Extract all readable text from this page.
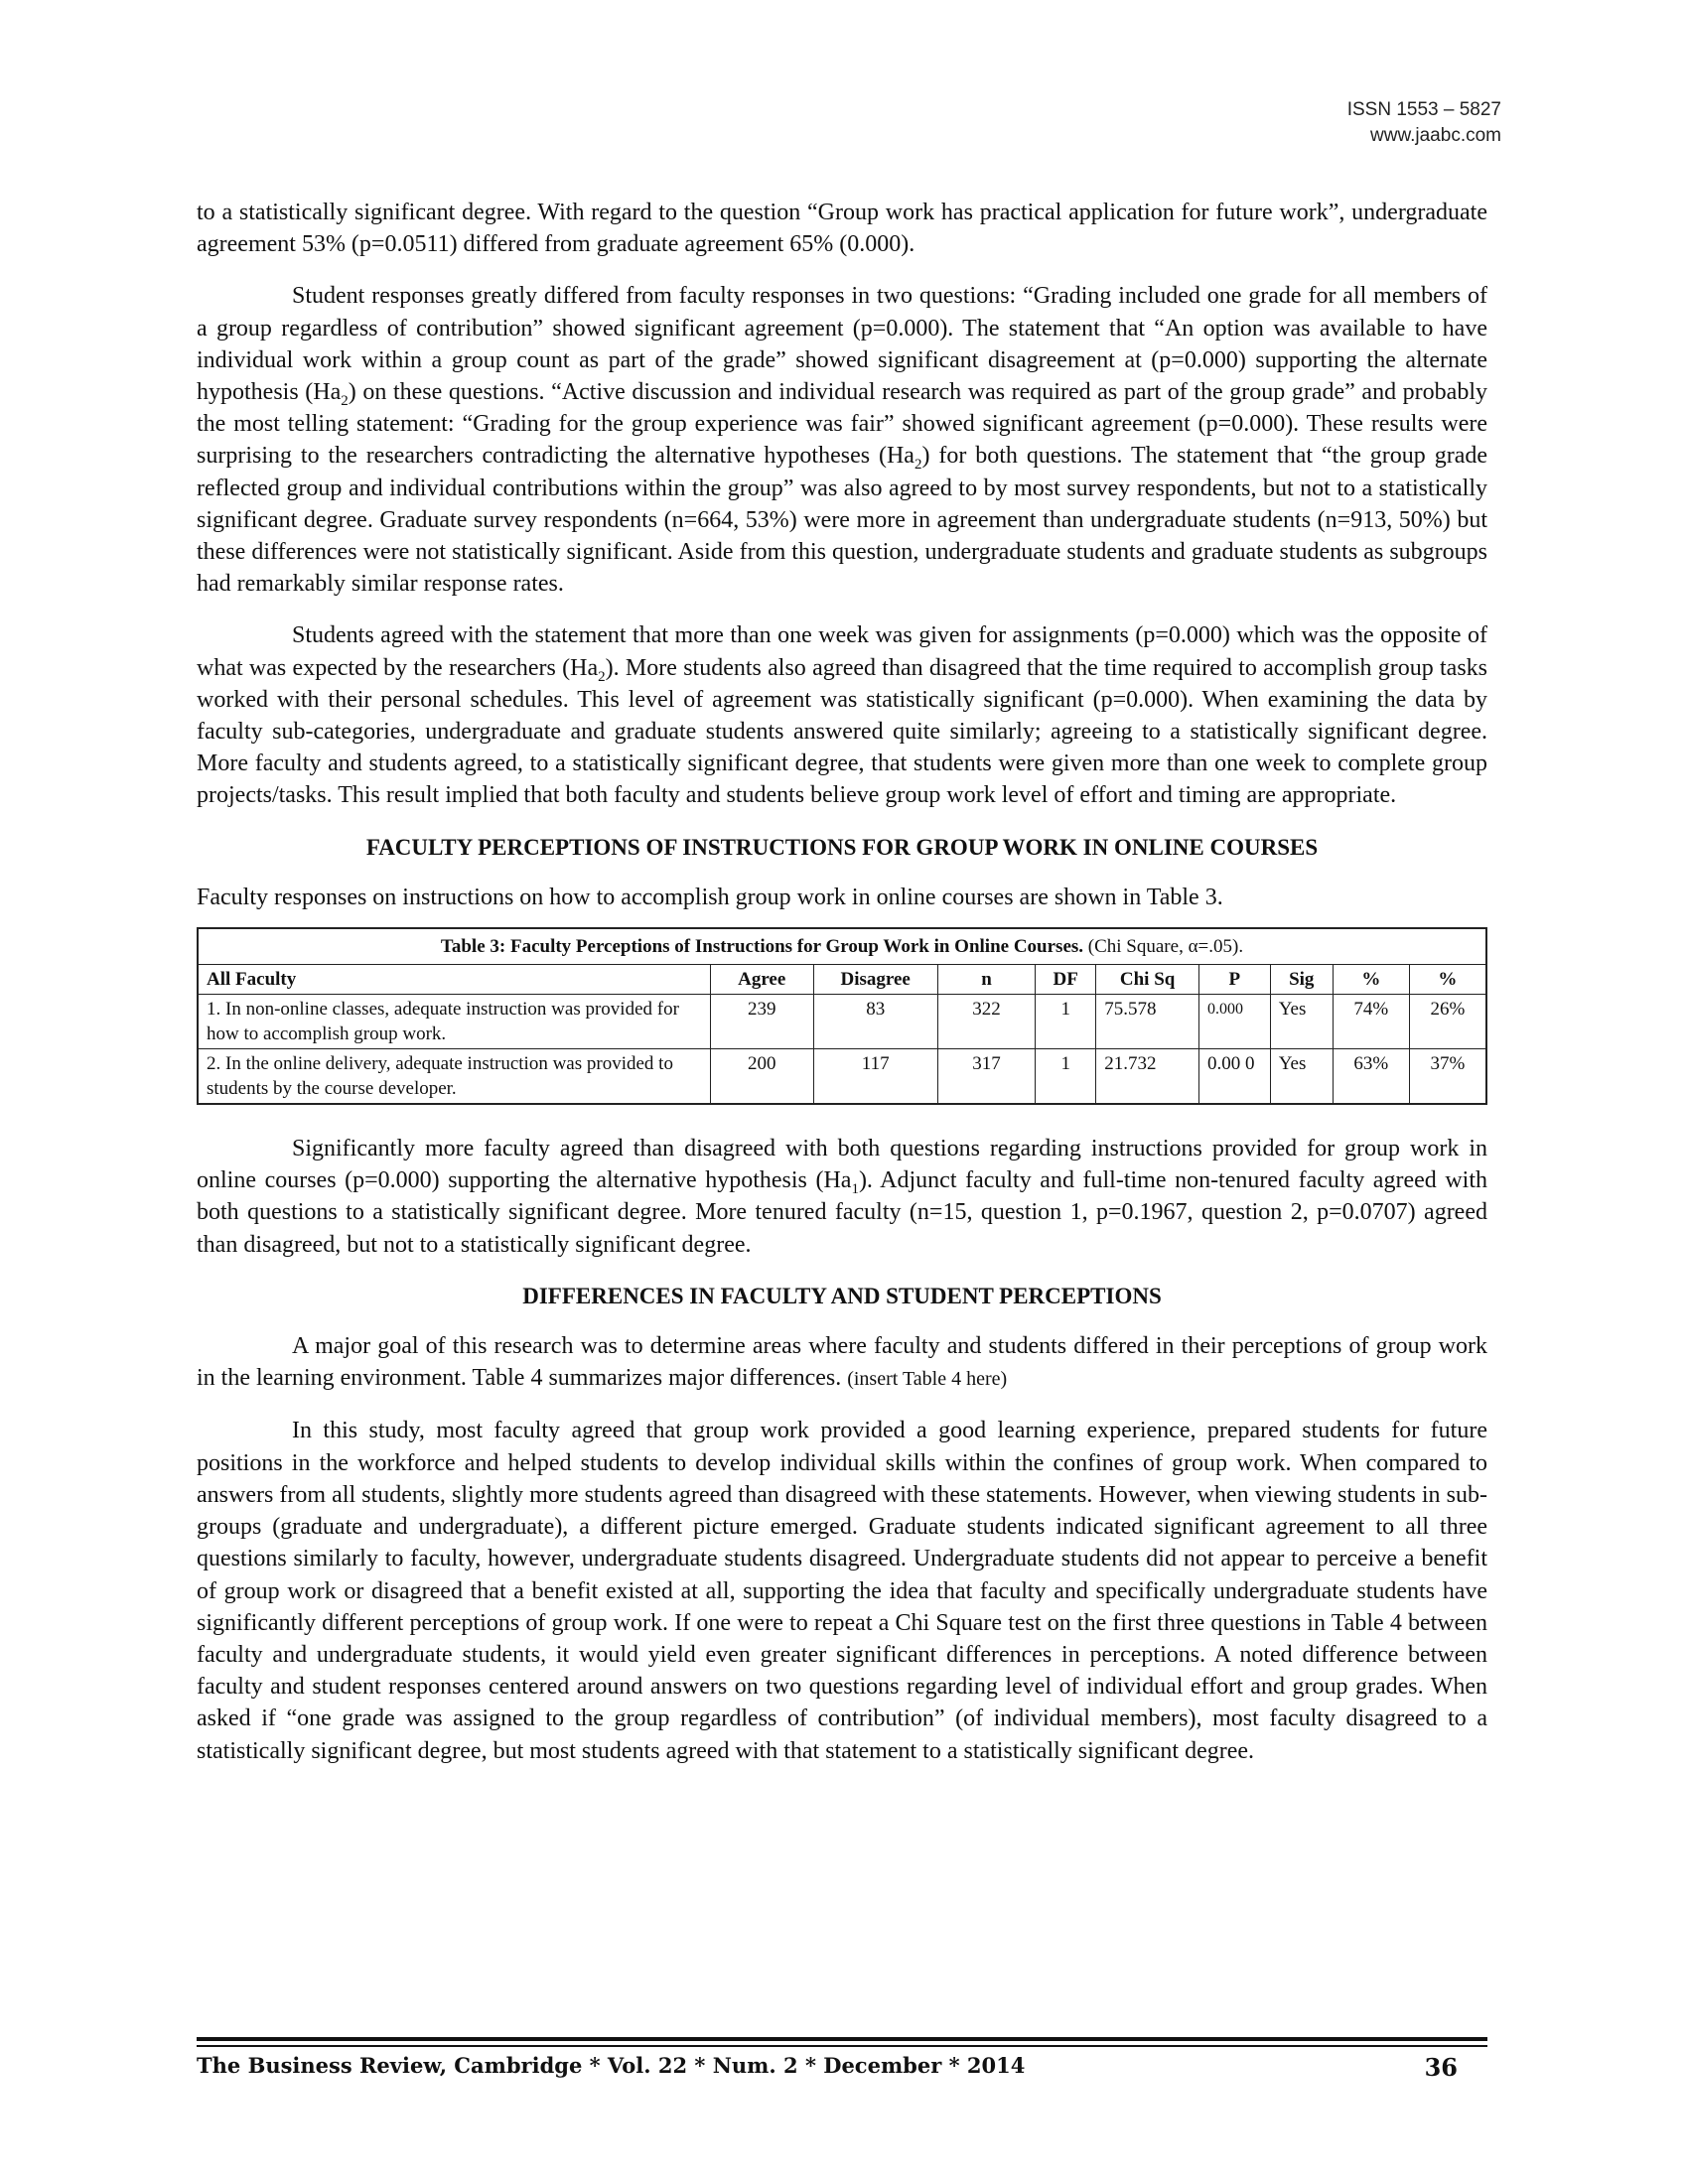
ISSN 1553 – 5827
www.jaabc.com

to a statistically significant degree. With regard to the question “Group work has practical application for future work”, undergraduate agreement 53% (p=0.0511) differed from graduate agreement 65% (0.000).

Student responses greatly differed from faculty responses in two questions: “Grading included one grade for all members of a group regardless of contribution” showed significant agreement (p=0.000). The statement that “An option was available to have individual work within a group count as part of the grade” showed significant disagreement at (p=0.000) supporting the alternate hypothesis $(Ha_2)$ on these questions. “Active discussion and individual research was required as part of the group grade” and probably the most telling statement: “Grading for the group experience was fair” showed significant agreement (p=0.000). These results were surprising to the researchers contradicting the alternative hypotheses $(Ha_2)$ for both questions. The statement that “the group grade reflected group and individual contributions within the group” was also agreed to by most survey respondents, but not to a statistically significant degree. Graduate survey respondents (n=664, 53%) were more in agreement than undergraduate students (n=913, 50%) but these differences were not statistically significant. Aside from this question, undergraduate students and graduate students as subgroups had remarkably similar response rates.

Students agreed with the statement that more than one week was given for assignments (p=0.000) which was the opposite of what was expected by the researchers $(Ha_2)$. More students also agreed than disagreed that the time required to accomplish group tasks worked with their personal schedules. This level of agreement was statistically significant (p=0.000). When examining the data by faculty sub-categories, undergraduate and graduate students answered quite similarly; agreeing to a statistically significant degree. More faculty and students agreed, to a statistically significant degree, that students were given more than one week to complete group projects/tasks. This result implied that both faculty and students believe group work level of effort and timing are appropriate.

FACULTY PERCEPTIONS OF INSTRUCTIONS FOR GROUP WORK IN ONLINE COURSES

Faculty responses on instructions on how to accomplish group work in online courses are shown in Table 3.

Table 3: Faculty Perceptions of Instructions for Group Work in Online Courses. (Chi Square, α=.05).									
All Faculty	Agree	Disagree	n	DF	Chi Sq	P	Sig	%	%
1. In non-online classes, adequate instruction was provided for how to accomplish group work.	239	83	322	1	75.578	0.000	Yes	74%	26%
2. In the online delivery, adequate instruction was provided to students by the course developer.	200	117	317	1	21.732	0.00 0	Yes	63%	37%

Significantly more faculty agreed than disagreed with both questions regarding instructions provided for group work in online courses (p=0.000) supporting the alternative hypothesis $(Ha_1)$. Adjunct faculty and full-time non-tenured faculty agreed with both questions to a statistically significant degree. More tenured faculty (n=15, question 1, p=0.1967, question 2, p=0.0707) agreed than disagreed, but not to a statistically significant degree.

DIFFERENCES IN FACULTY AND STUDENT PERCEPTIONS

A major goal of this research was to determine areas where faculty and students differed in their perceptions of group work in the learning environment. Table 4 summarizes major differences. (insert Table 4 here)

In this study, most faculty agreed that group work provided a good learning experience, prepared students for future positions in the workforce and helped students to develop individual skills within the confines of group work. When compared to answers from all students, slightly more students agreed than disagreed with these statements. However, when viewing students in sub-groups (graduate and undergraduate), a different picture emerged. Graduate students indicated significant agreement to all three questions similarly to faculty, however, undergraduate students disagreed. Undergraduate students did not appear to perceive a benefit of group work or disagreed that a benefit existed at all, supporting the idea that faculty and specifically undergraduate students have significantly different perceptions of group work. If one were to repeat a Chi Square test on the first three questions in Table 4 between faculty and undergraduate students, it would yield even greater significant differences in perceptions. A noted difference between faculty and student responses centered around answers on two questions regarding level of individual effort and group grades. When asked if “one grade was assigned to the group regardless of contribution” (of individual members), most faculty disagreed to a statistically significant degree, but most students agreed with that statement to a statistically significant degree.

The Business Review, Cambridge * Vol. 22 * Num. 2 * December * 2014	36
